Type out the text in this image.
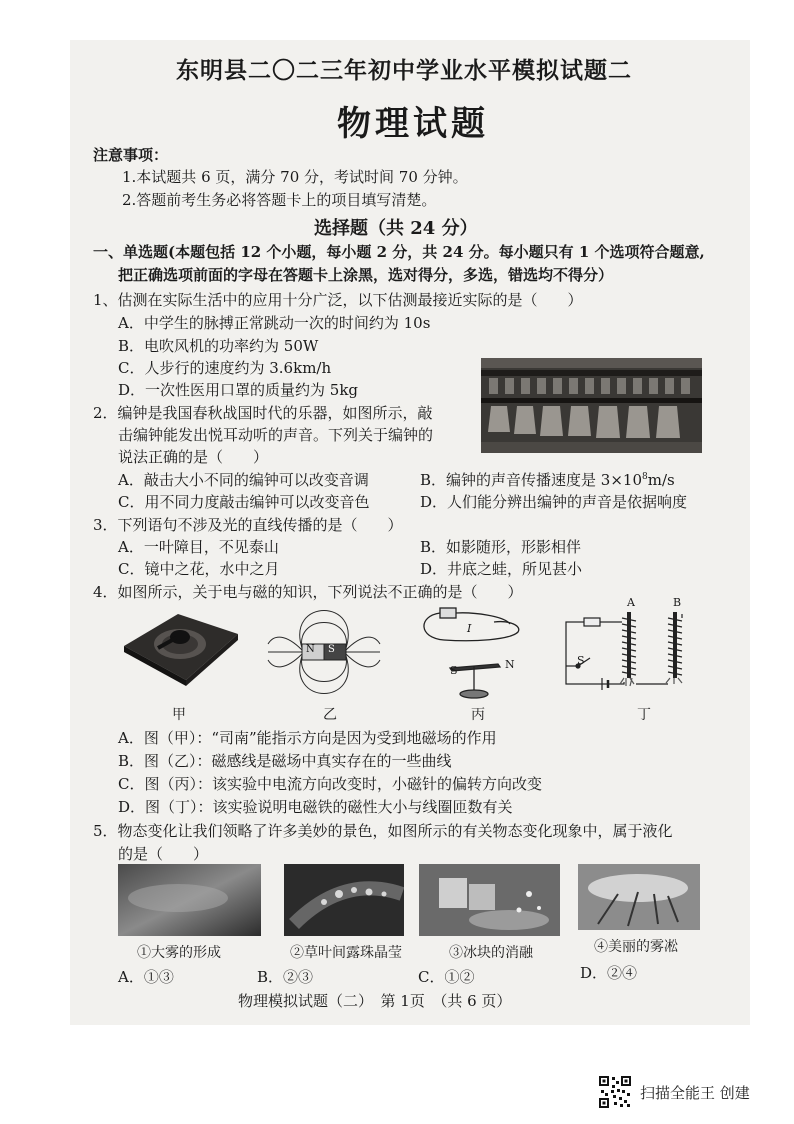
东明县二〇二三年初中学业水平模拟试题二
物理试题
注意事项：
1.本试题共 6 页，满分 70 分，考试时间 70 分钟。
2.答题前考生务必将答题卡上的项目填写清楚。
选择题（共 24 分）
一、单选题(本题包括 12 个小题，每小题 2 分，共 24 分。每小题只有 1 个选项符合题意,
把正确选项前面的字母在答题卡上涂黑，选对得分，多选，错选均不得分）
1、估测在实际生活中的应用十分广泛，以下估测最接近实际的是（　　）
A．中学生的脉搏正常跳动一次的时间约为 10s
B．电吹风机的功率约为 50W
C．人步行的速度约为 3.6km/h
D．一次性医用口罩的质量约为 5kg
2．编钟是我国春秋战国时代的乐器，如图所示，敲
击编钟能发出悦耳动听的声音。下列关于编钟的
说法正确的是（　　）
A．敲击大小不同的编钟可以改变音调	B．编钟的声音传播速度是 $3\times 10^8m/s$
C．用不同力度敲击编钟可以改变音色	D．人们能分辨出编钟的声音是依据响度
3．下列语句不涉及光的直线传播的是（　　）
A．一叶障目，不见泰山	B．如影随形，形影相伴
C．镜中之花，水中之月	D．井底之蛙，所见甚小
4．如图所示，关于电与磁的知识，下列说法不正确的是（　　）
甲
N S
乙
I
S	N
丙
A	B
S
丁
A．图（甲）：“司南”能指示方向是因为受到地磁场的作用
B．图（乙）：磁感线是磁场中真实存在的一些曲线
C．图（丙）：该实验中电流方向改变时，小磁针的偏转方向改变
D．图（丁）：该实验说明电磁铁的磁性大小与线圈匝数有关
5．物态变化让我们领略了许多美妙的景色，如图所示的有关物态变化现象中，属于液化
的是（　　）
①大雾的形成	②草叶间露珠晶莹	③冰块的消融	④美丽的雾凇
A．①③	B．②③	C．①②	D．②④
物理模拟试题（二）　第 1页　（共 6 页）
扫描全能王 创建
